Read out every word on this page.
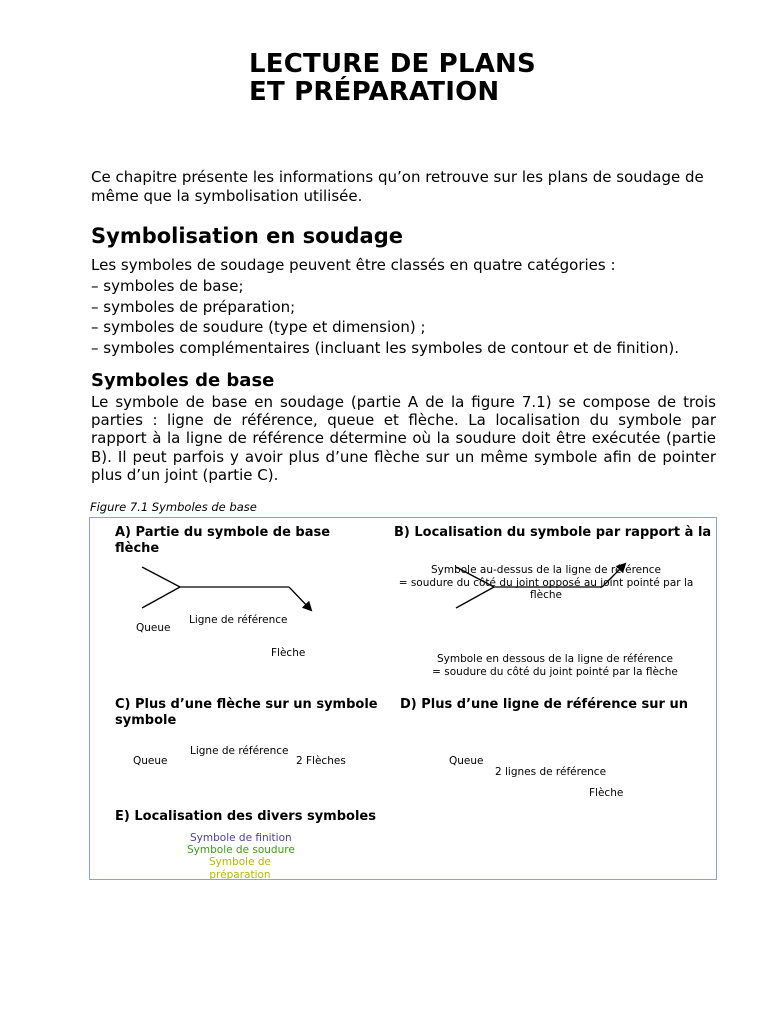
LECTURE DE PLANS
ET PRÉPARATION

Ce chapitre présente les informations qu’on retrouve sur les plans de soudage de même que la symbolisation utilisée.

Symbolisation en soudage
Les symboles de soudage peuvent être classés en quatre catégories :
– symboles de base;
– symboles de préparation;
– symboles de soudure (type et dimension) ;
– symboles complémentaires (incluant les symboles de contour et de finition).
Symboles de base
Le symbole de base en soudage (partie A de la figure 7.1) se compose de trois
parties : ligne de référence, queue et flèche. La localisation du symbole par
rapport à la ligne de référence détermine où la soudure doit être exécutée (partie
B). Il peut parfois y avoir plus d’une flèche sur un même symbole afin de pointer
plus d’un joint (partie C).
Figure 7.1 Symboles de base
A) Partie du symbole de base
flèche
Ligne de référence
Queue
Flèche
B) Localisation du symbole par rapport à la
Symbole au-dessus de la ligne de référence
= soudure du côté du joint opposé au joint pointé par la
flèche
Symbole en dessous de la ligne de référence
= soudure du côté du joint pointé par la flèche
C) Plus d’une flèche sur un symbole
symbole
Ligne de référence
Queue	2 Flèches
D) Plus d’une ligne de référence sur un
Queue
2 lignes de référence
Flèche
E) Localisation des divers symboles
Symbole de finition
Symbole de soudure
Symbole de
préparation
